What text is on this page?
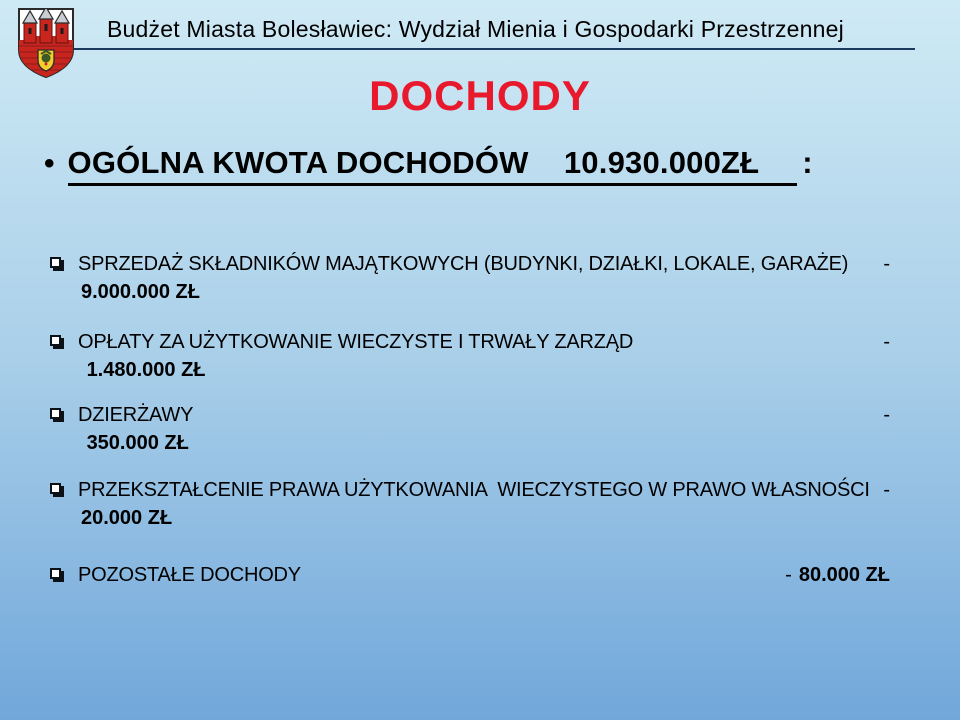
Budżet Miasta Bolesławiec: Wydział Mienia i Gospodarki Przestrzennej
DOCHODY
• OGÓLNA KWOTA DOCHODÓW    10.930.000ZŁ	:
SPRZEDAŻ SKŁADNIKÓW MAJĄTKOWYCH (BUDYNKI, DZIAŁKI, LOKALE, GARAŻE)	-
9.000.000 ZŁ
OPŁATY ZA UŻYTKOWANIE WIECZYSTE I TRWAŁY ZARZĄD	-
1.480.000 ZŁ
DZIERŻAWY	-
350.000 ZŁ
PRZEKSZTAŁCENIE PRAWA UŻYTKOWANIA  WIECZYSTEGO W PRAWO WŁASNOŚCI -
20.000 ZŁ
POZOSTAŁE DOCHODY	- 80.000 ZŁ
